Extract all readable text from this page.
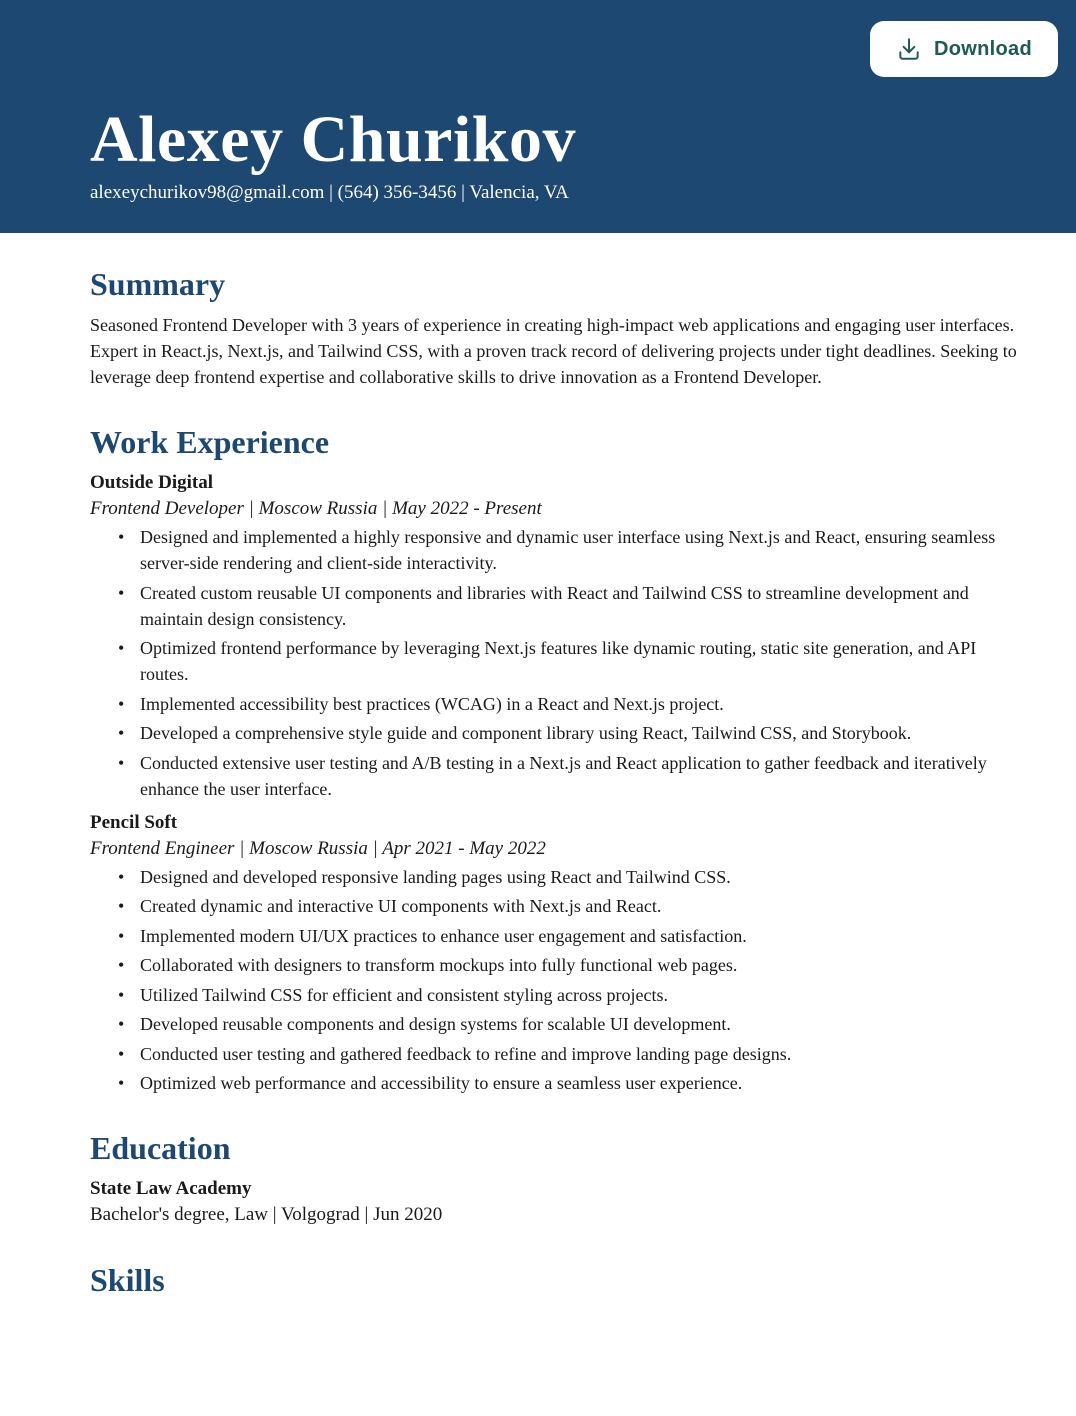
Alexey Churikov
alexeychurikov98@gmail.com | (564) 356-3456 | Valencia, VA
Download
Summary

Seasoned Frontend Developer with 3 years of experience in creating high-impact web applications and engaging user interfaces. Expert in React.js, Next.js, and Tailwind CSS, with a proven track record of delivering projects under tight deadlines. Seeking to leverage deep frontend expertise and collaborative skills to drive innovation as a Frontend Developer.

Work Experience

Outside Digital

Frontend Developer | Moscow Russia | May 2022 - Present

• Designed and implemented a highly responsive and dynamic user interface using Next.js and React, ensuring seamless server-side rendering and client-side interactivity.
• Created custom reusable UI components and libraries with React and Tailwind CSS to streamline development and maintain design consistency.
• Optimized frontend performance by leveraging Next.js features like dynamic routing, static site generation, and API routes.
• Implemented accessibility best practices (WCAG) in a React and Next.js project.
• Developed a comprehensive style guide and component library using React, Tailwind CSS, and Storybook.
• Conducted extensive user testing and A/B testing in a Next.js and React application to gather feedback and iteratively enhance the user interface.

Pencil Soft

Frontend Engineer | Moscow Russia | Apr 2021 - May 2022

• Designed and developed responsive landing pages using React and Tailwind CSS.
• Created dynamic and interactive UI components with Next.js and React.
• Implemented modern UI/UX practices to enhance user engagement and satisfaction.
• Collaborated with designers to transform mockups into fully functional web pages.
• Utilized Tailwind CSS for efficient and consistent styling across projects.
• Developed reusable components and design systems for scalable UI development.
• Conducted user testing and gathered feedback to refine and improve landing page designs.
• Optimized web performance and accessibility to ensure a seamless user experience.
Education

State Law Academy

Bachelor's degree, Law | Volgograd | Jun 2020

Skills
